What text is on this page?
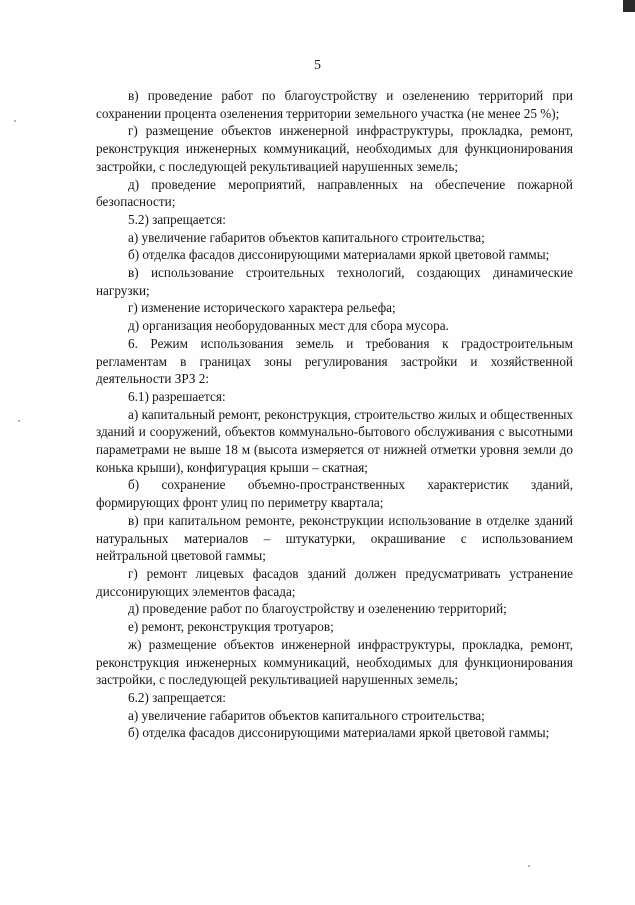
5

в) проведение работ по благоустройству и озеленению территорий при сохранении процента озеленения территории земельного участка (не менее 25 %);

г) размещение объектов инженерной инфраструктуры, прокладка, ремонт, реконструкция инженерных коммуникаций, необходимых для функционирования застройки, с последующей рекультивацией нарушенных земель;

д) проведение мероприятий, направленных на обеспечение пожарной безопасности;

5.2) запрещается:

а) увеличение габаритов объектов капитального строительства;

б) отделка фасадов диссонирующими материалами яркой цветовой гаммы;

в) использование строительных технологий, создающих динамические нагрузки;

г) изменение исторического характера рельефа;

д) организация необорудованных мест для сбора мусора.

6. Режим использования земель и требования к градостроительным регламентам в границах зоны регулирования застройки и хозяйственной деятельности ЗРЗ 2:

6.1) разрешается:

а) капитальный ремонт, реконструкция, строительство жилых и общественных зданий и сооружений, объектов коммунально-бытового обслуживания с высотными параметрами не выше 18 м (высота измеряется от нижней отметки уровня земли до конька крыши), конфигурация крыши – скатная;

б) сохранение объемно-пространственных характеристик зданий, формирующих фронт улиц по периметру квартала;

в) при капитальном ремонте, реконструкции использование в отделке зданий натуральных материалов – штукатурки, окрашивание с использованием нейтральной цветовой гаммы;

г) ремонт лицевых фасадов зданий должен предусматривать устранение диссонирующих элементов фасада;

д) проведение работ по благоустройству и озеленению территорий;

е) ремонт, реконструкция тротуаров;

ж) размещение объектов инженерной инфраструктуры, прокладка, ремонт, реконструкция инженерных коммуникаций, необходимых для функционирования застройки, с последующей рекультивацией нарушенных земель;

6.2) запрещается:

а) увеличение габаритов объектов капитального строительства;

б) отделка фасадов диссонирующими материалами яркой цветовой гаммы;
